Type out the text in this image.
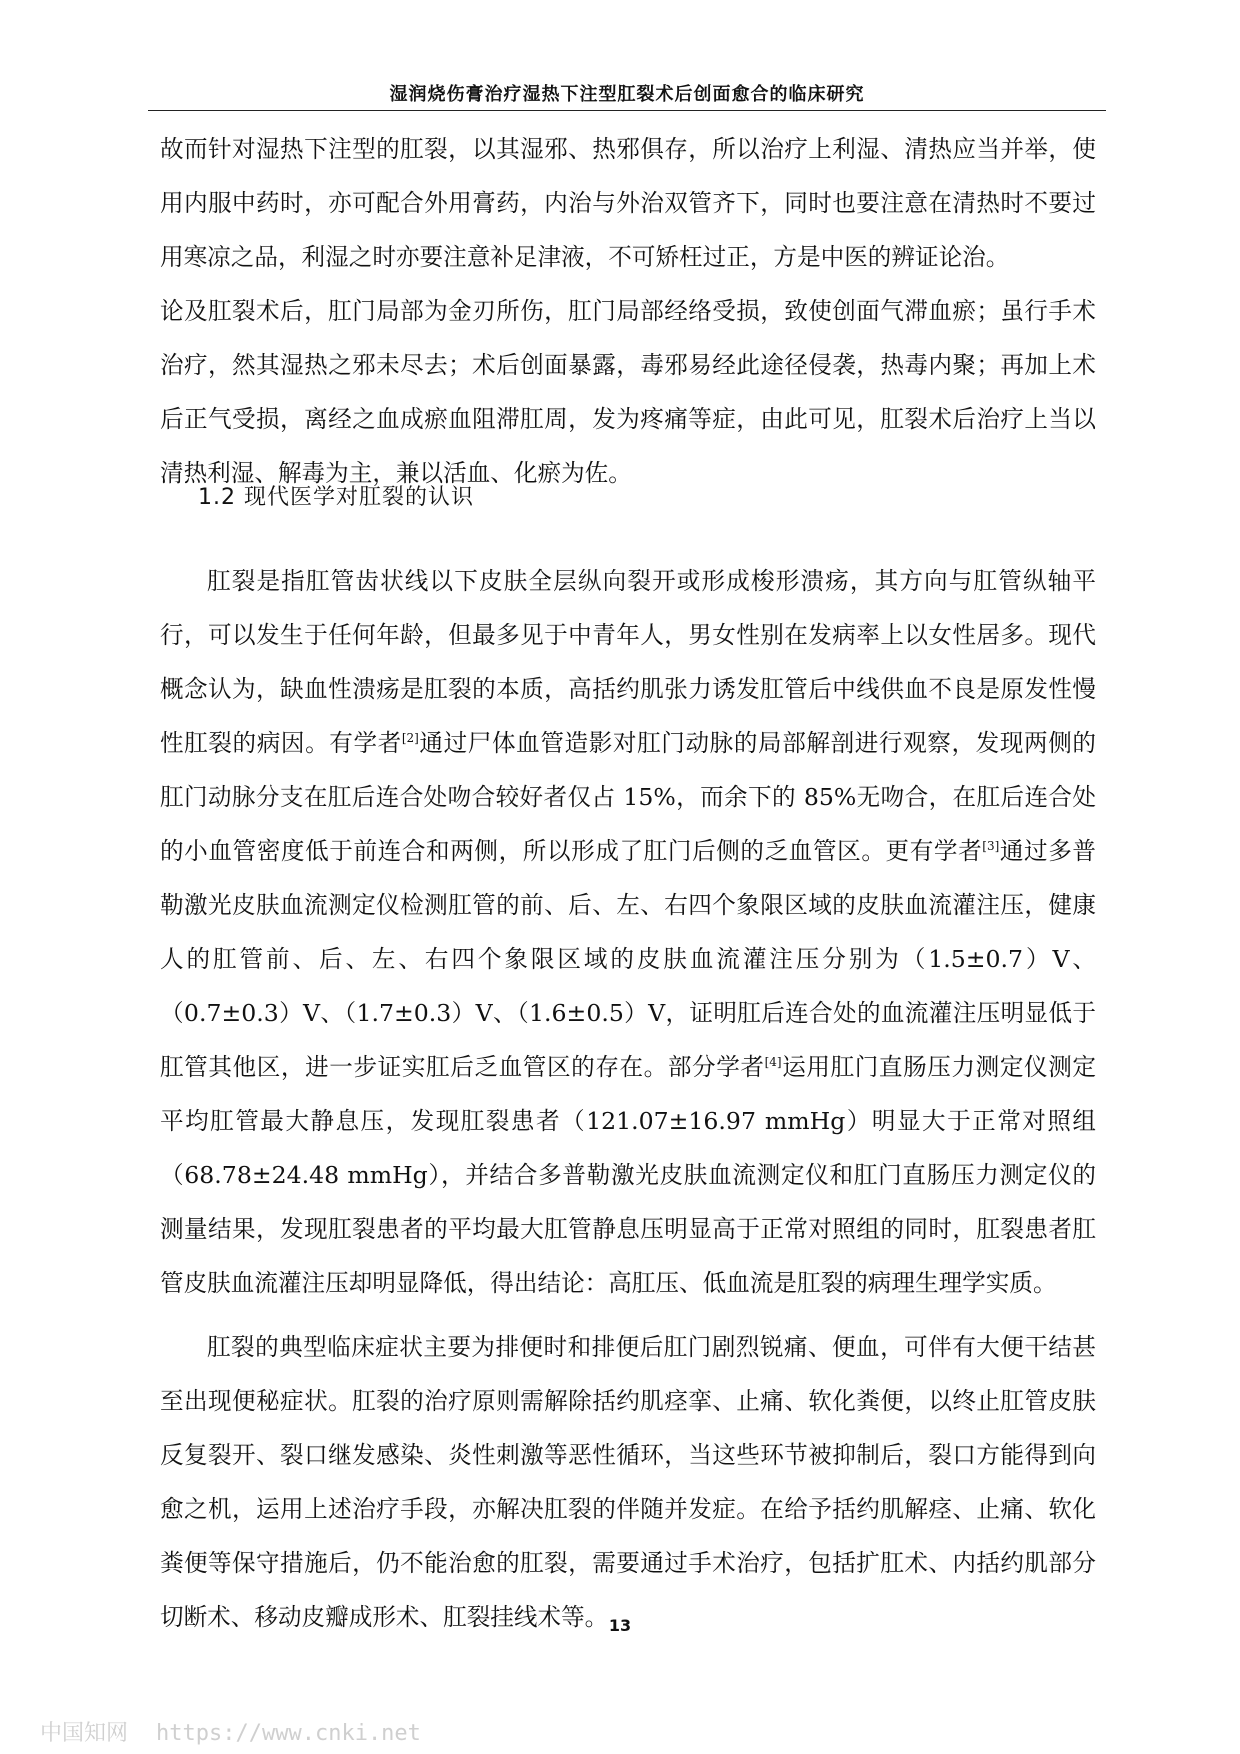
湿润烧伤膏治疗湿热下注型肛裂术后创面愈合的临床研究

故而针对湿热下注型的肛裂，以其湿邪、热邪俱存，所以治疗上利湿、清热应当并举，使用内服中药时，亦可配合外用膏药，内治与外治双管齐下，同时也要注意在清热时不要过用寒凉之品，利湿之时亦要注意补足津液，不可矫枉过正，方是中医的辨证论治。

论及肛裂术后，肛门局部为金刃所伤，肛门局部经络受损，致使创面气滞血瘀；虽行手术治疗，然其湿热之邪未尽去；术后创面暴露，毒邪易经此途径侵袭，热毒内聚；再加上术后正气受损，离经之血成瘀血阻滞肛周，发为疼痛等症，由此可见，肛裂术后治疗上当以清热利湿、解毒为主，兼以活血、化瘀为佐。

肛裂是指肛管齿状线以下皮肤全层纵向裂开或形成梭形溃疡，其方向与肛管纵轴平行，可以发生于任何年龄，但最多见于中青年人，男女性别在发病率上以女性居多。现代概念认为，缺血性溃疡是肛裂的本质，高括约肌张力诱发肛管后中线供血不良是原发性慢性肛裂的病因。有学者[2]通过尸体血管造影对肛门动脉的局部解剖进行观察，发现两侧的肛门动脉分支在肛后连合处吻合较好者仅占 15%，而余下的 85%无吻合，在肛后连合处的小血管密度低于前连合和两侧，所以形成了肛门后侧的乏血管区。更有学者[3]通过多普勒激光皮肤血流测定仪检测肛管的前、后、左、右四个象限区域的皮肤血流灌注压，健康人的肛管前、后、左、右四个象限区域的皮肤血流灌注压分别为（1.5±0.7）V、（0.7±0.3）V、（1.7±0.3）V、（1.6±0.5）V，证明肛后连合处的血流灌注压明显低于肛管其他区，进一步证实肛后乏血管区的存在。部分学者[4]运用肛门直肠压力测定仪测定平均肛管最大静息压，发现肛裂患者（121.07±16.97 mmHg）明显大于正常对照组（68.78±24.48 mmHg），并结合多普勒激光皮肤血流测定仪和肛门直肠压力测定仪的测量结果，发现肛裂患者的平均最大肛管静息压明显高于正常对照组的同时，肛裂患者肛管皮肤血流灌注压却明显降低，得出结论：高肛压、低血流是肛裂的病理生理学实质。

肛裂的典型临床症状主要为排便时和排便后肛门剧烈锐痛、便血，可伴有大便干结甚至出现便秘症状。肛裂的治疗原则需解除括约肌痉挛、止痛、软化粪便，以终止肛管皮肤反复裂开、裂口继发感染、炎性刺激等恶性循环，当这些环节被抑制后，裂口方能得到向愈之机，运用上述治疗手段，亦解决肛裂的伴随并发症。在给予括约肌解痉、止痛、软化粪便等保守措施后，仍不能治愈的肛裂，需要通过手术治疗，包括扩肛术、内括约肌部分切断术、移动皮瓣成形术、肛裂挂线术等。

1.2 现代医学对肛裂的认识
13
中国知网 https://www.cnki.net
